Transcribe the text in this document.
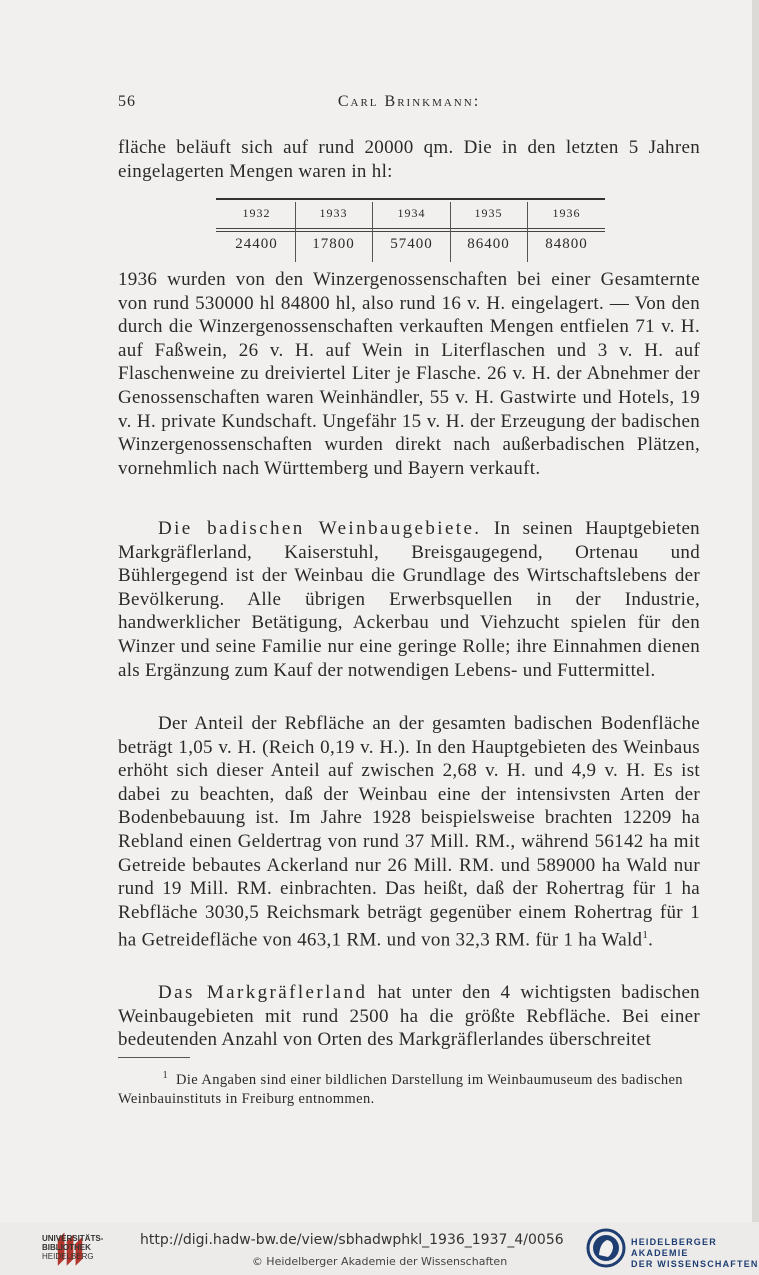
56	Carl Brinkmann:

fläche beläuft sich auf rund 20000 qm. Die in den letzten 5 Jahren eingelagerten Mengen waren in hl:

1932	1933	1934	1935	1936
24400	17800	57400	86400	84800

1936 wurden von den Winzergenossenschaften bei einer Gesamternte von rund 530000 hl 84800 hl, also rund 16 v. H. eingelagert. — Von den durch die Winzergenossenschaften verkauften Mengen entfielen 71 v. H. auf Faßwein, 26 v. H. auf Wein in Literflaschen und 3 v. H. auf Flaschenweine zu dreiviertel Liter je Flasche. 26 v. H. der Abnehmer der Genossenschaften waren Weinhändler, 55 v. H. Gastwirte und Hotels, 19 v. H. private Kundschaft. Ungefähr 15 v. H. der Erzeugung der badischen Winzergenossenschaften wurden direkt nach außerbadischen Plätzen, vornehmlich nach Württemberg und Bayern verkauft.

Die badischen Weinbaugebiete. In seinen Hauptgebieten Markgräflerland, Kaiserstuhl, Breisgaugegend, Ortenau und Bühlergegend ist der Weinbau die Grundlage des Wirtschaftslebens der Bevölkerung. Alle übrigen Erwerbsquellen in der Industrie, handwerklicher Betätigung, Ackerbau und Viehzucht spielen für den Winzer und seine Familie nur eine geringe Rolle; ihre Einnahmen dienen als Ergänzung zum Kauf der notwendigen Lebens- und Futtermittel.

Der Anteil der Rebfläche an der gesamten badischen Bodenfläche beträgt 1,05 v. H. (Reich 0,19 v. H.). In den Hauptgebieten des Weinbaus erhöht sich dieser Anteil auf zwischen 2,68 v. H. und 4,9 v. H. Es ist dabei zu beachten, daß der Weinbau eine der intensivsten Arten der Bodenbebauung ist. Im Jahre 1928 beispielsweise brachten 12209 ha Rebland einen Geldertrag von rund 37 Mill. RM., während 56142 ha mit Getreide bebautes Ackerland nur 26 Mill. RM. und 589000 ha Wald nur rund 19 Mill. RM. einbrachten. Das heißt, daß der Rohertrag für 1 ha Rebfläche 3030,5 Reichsmark beträgt gegenüber einem Rohertrag für 1 ha Getreidefläche von 463,1 RM. und von 32,3 RM. für 1 ha Wald$^1$.

Das Markgräflerland hat unter den 4 wichtigsten badischen Weinbaugebieten mit rund 2500 ha die größte Rebfläche. Bei einer bedeutenden Anzahl von Orten des Markgräflerlandes überschreitet

$^1$ Die Angaben sind einer bildlichen Darstellung im Weinbaumuseum des badischen Weinbauinstituts in Freiburg entnommen.

UNIVERSITÄTS-
BIBLIOTHEK
HEIDELBERG
http://digi.hadw-bw.de/view/sbhadwphkl_1936_1937_4/0056
© Heidelberger Akademie der Wissenschaften
HEIDELBERGER AKADEMIE
DER WISSENSCHAFTEN
